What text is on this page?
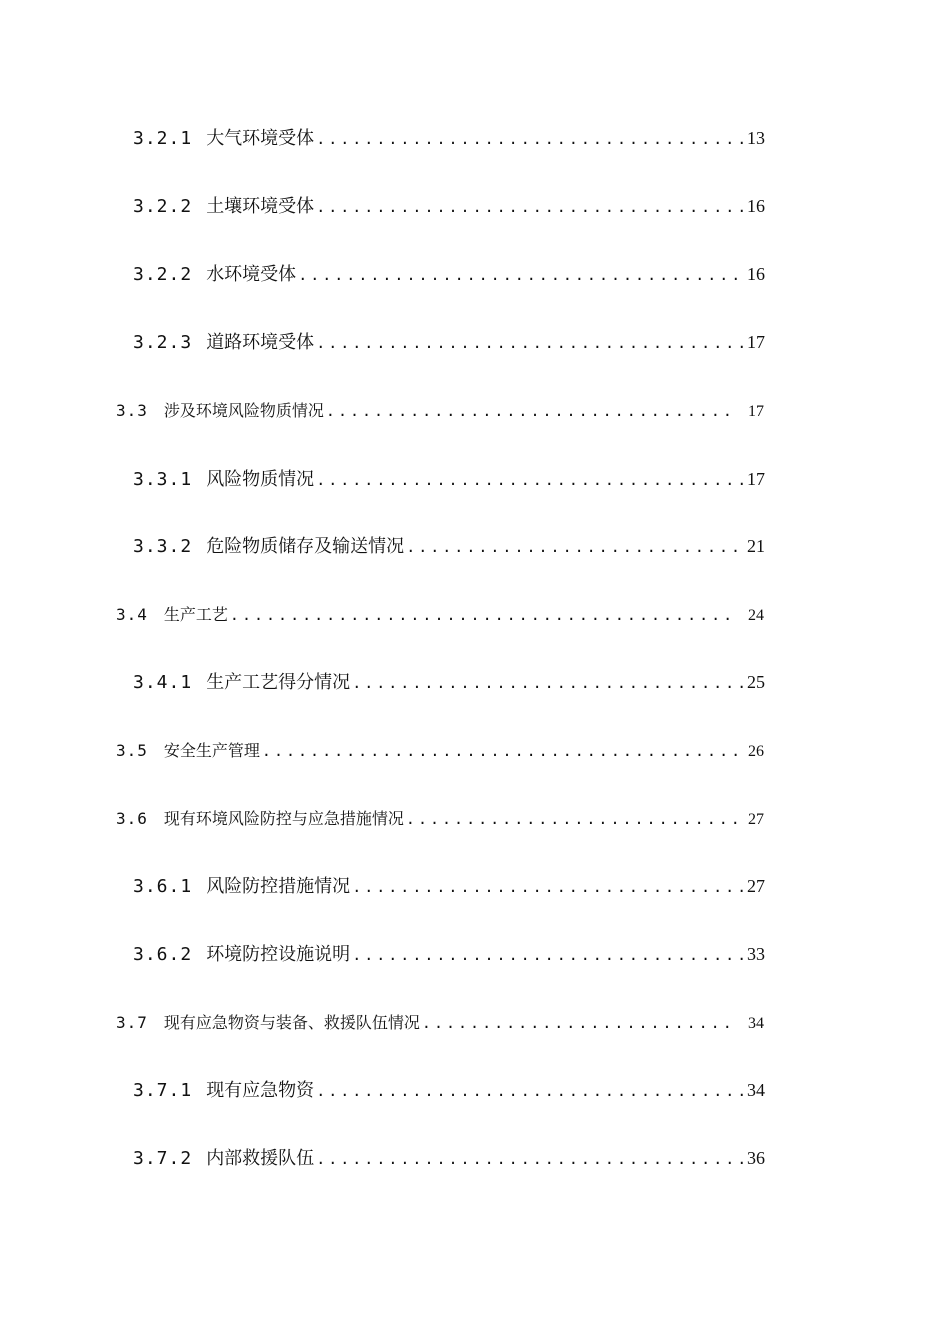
3.2.1 大气环境受体 .....	13
3.2.2 土壤环境受体 .....	16
3.2.2 水环境受体 .....	16
3.2.3 道路环境受体 .....	17
3.3 涉及环境风险物质情况 .....	17
3.3.1 风险物质情况 .....	17
3.3.2 危险物质储存及输送情况 .....	21
3.4 生产工艺 .....	24
3.4.1 生产工艺得分情况 .....	25
3.5 安全生产管理 .....	26
3.6 现有环境风险防控与应急措施情况 .....	27
3.6.1 风险防控措施情况 .....	27
3.6.2 环境防控设施说明 .....	33
3.7 现有应急物资与装备、救援队伍情况 .....	34
3.7.1 现有应急物资 .....	34
3.7.2 内部救援队伍 .....	36
